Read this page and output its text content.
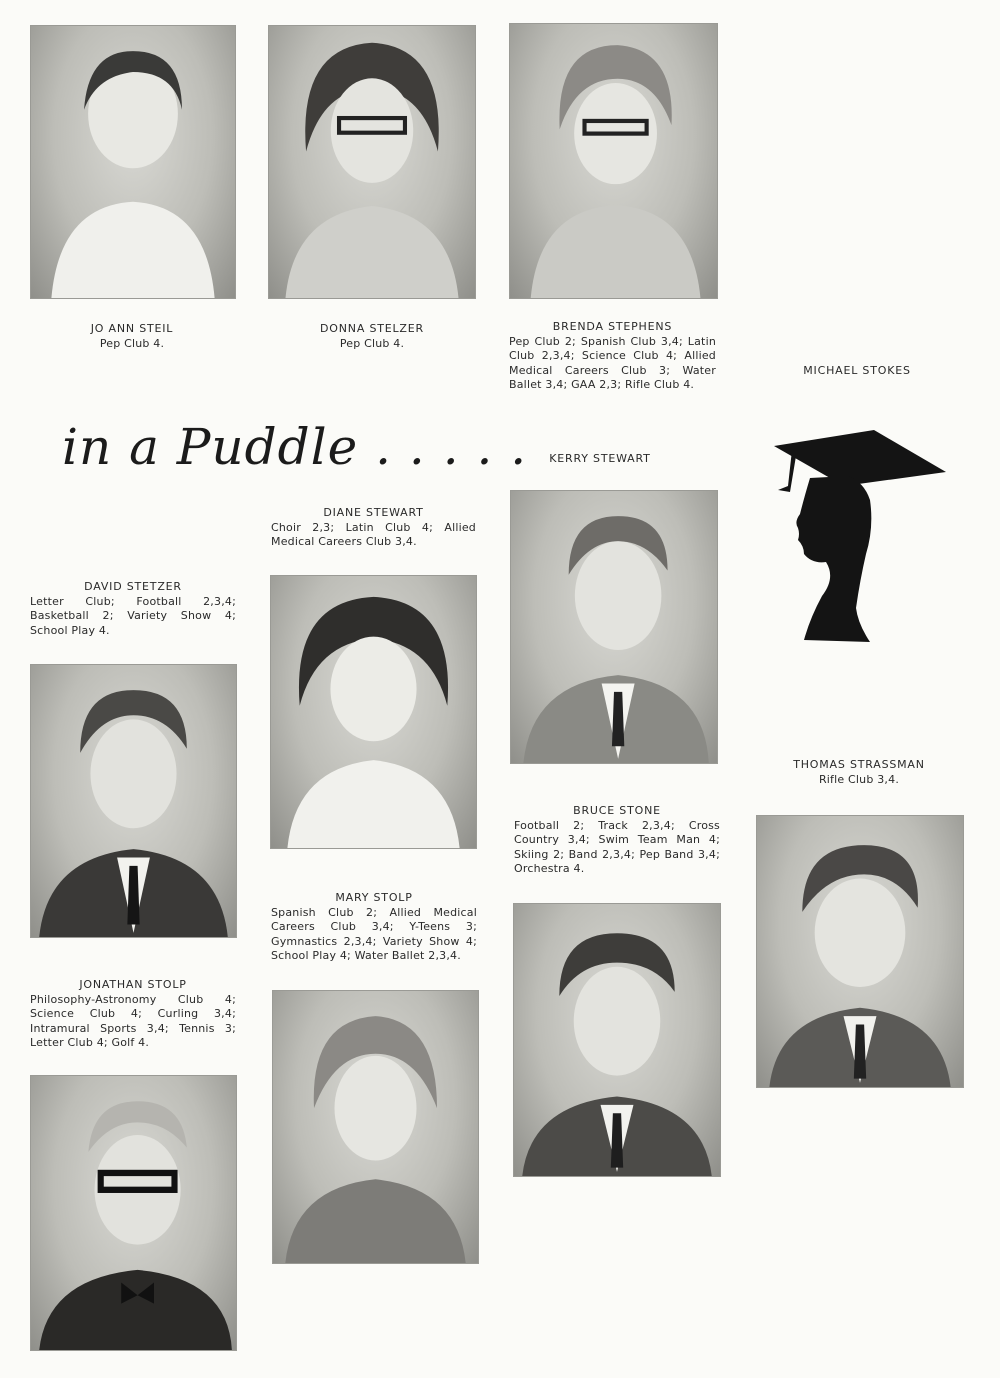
in a Puddle . . . . .
JO ANN STEIL
Pep Club 4.
DONNA STELZER
Pep Club 4.
BRENDA STEPHENS
Pep Club 2; Spanish Club 3,4; Latin Club 2,3,4; Science Club 4; Allied Medical Careers Club 3; Water Ballet 3,4; GAA 2,3; Rifle Club 4.
MICHAEL STOKES
KERRY STEWART
DIANE STEWART
Choir 2,3; Latin Club 4; Allied Medical Careers Club 3,4.
DAVID STETZER
Letter Club; Football 2,3,4; Basketball 2; Variety Show 4; School Play 4.
THOMAS STRASSMAN
Rifle Club 3,4.
BRUCE STONE
Football 2; Track 2,3,4; Cross Country 3,4; Swim Team Man 4; Skiing 2; Band 2,3,4; Pep Band 3,4; Orchestra 4.
MARY STOLP
Spanish Club 2; Allied Medical Careers Club 3,4; Y-Teens 3; Gymnastics 2,3,4; Variety Show 4; School Play 4; Water Ballet 2,3,4.
JONATHAN STOLP
Philosophy-Astronomy Club 4; Science Club 4; Curling 3,4; Intramural Sports 3,4; Tennis 3; Letter Club 4; Golf 4.
